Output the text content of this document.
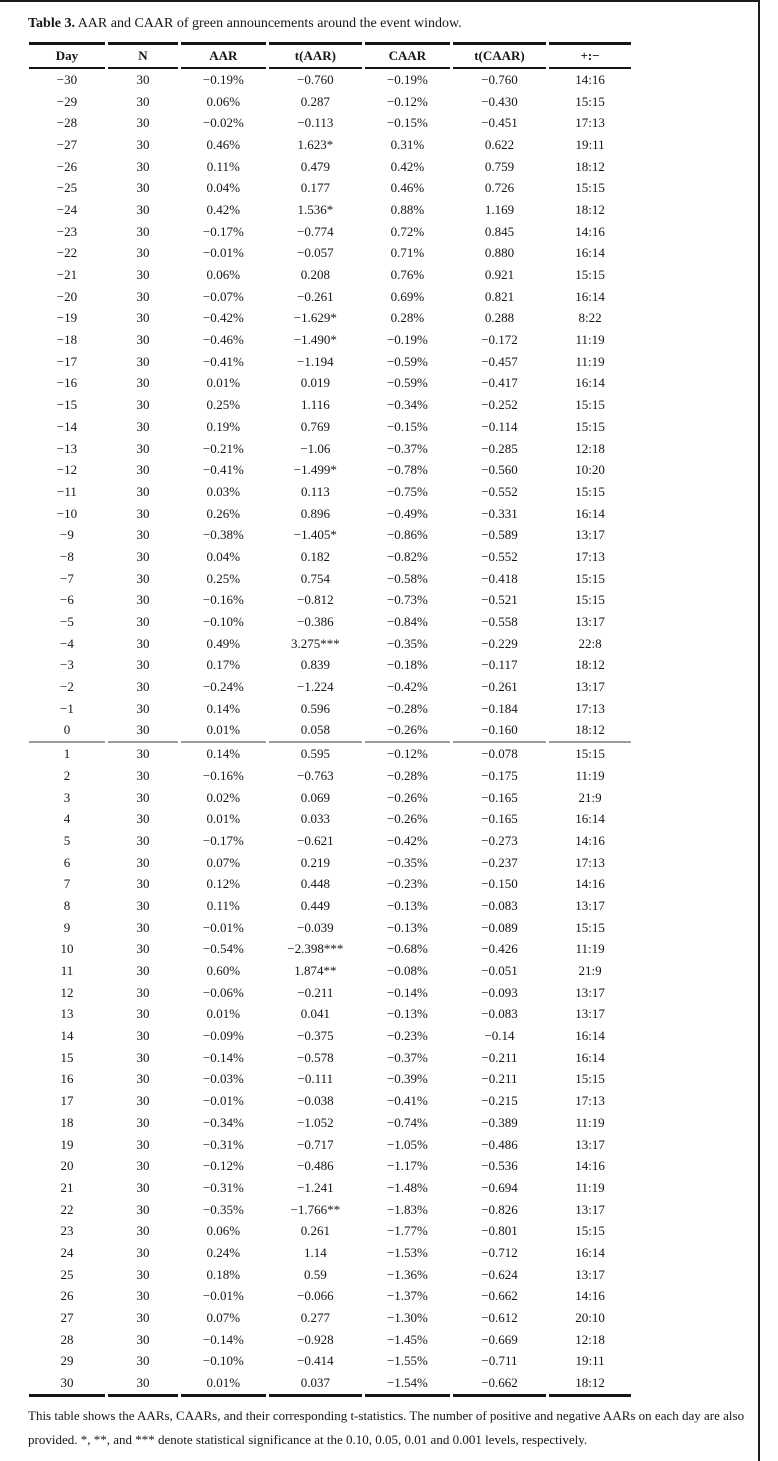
Table 3. AAR and CAAR of green announcements around the event window.

Day	N	AAR	t(AAR)	CAAR	t(CAAR)	+:−
−30	30	−0.19%	−0.760	−0.19%	−0.760	14:16
−29	30	0.06%	0.287	−0.12%	−0.430	15:15
−28	30	−0.02%	−0.113	−0.15%	−0.451	17:13
−27	30	0.46%	1.623*	0.31%	0.622	19:11
−26	30	0.11%	0.479	0.42%	0.759	18:12
−25	30	0.04%	0.177	0.46%	0.726	15:15
−24	30	0.42%	1.536*	0.88%	1.169	18:12
−23	30	−0.17%	−0.774	0.72%	0.845	14:16
−22	30	−0.01%	−0.057	0.71%	0.880	16:14
−21	30	0.06%	0.208	0.76%	0.921	15:15
−20	30	−0.07%	−0.261	0.69%	0.821	16:14
−19	30	−0.42%	−1.629*	0.28%	0.288	8:22
−18	30	−0.46%	−1.490*	−0.19%	−0.172	11:19
−17	30	−0.41%	−1.194	−0.59%	−0.457	11:19
−16	30	0.01%	0.019	−0.59%	−0.417	16:14
−15	30	0.25%	1.116	−0.34%	−0.252	15:15
−14	30	0.19%	0.769	−0.15%	−0.114	15:15
−13	30	−0.21%	−1.06	−0.37%	−0.285	12:18
−12	30	−0.41%	−1.499*	−0.78%	−0.560	10:20
−11	30	0.03%	0.113	−0.75%	−0.552	15:15
−10	30	0.26%	0.896	−0.49%	−0.331	16:14
−9	30	−0.38%	−1.405*	−0.86%	−0.589	13:17
−8	30	0.04%	0.182	−0.82%	−0.552	17:13
−7	30	0.25%	0.754	−0.58%	−0.418	15:15
−6	30	−0.16%	−0.812	−0.73%	−0.521	15:15
−5	30	−0.10%	−0.386	−0.84%	−0.558	13:17
−4	30	0.49%	3.275***	−0.35%	−0.229	22:8
−3	30	0.17%	0.839	−0.18%	−0.117	18:12
−2	30	−0.24%	−1.224	−0.42%	−0.261	13:17
−1	30	0.14%	0.596	−0.28%	−0.184	17:13
0	30	0.01%	0.058	−0.26%	−0.160	18:12
1	30	0.14%	0.595	−0.12%	−0.078	15:15
2	30	−0.16%	−0.763	−0.28%	−0.175	11:19
3	30	0.02%	0.069	−0.26%	−0.165	21:9
4	30	0.01%	0.033	−0.26%	−0.165	16:14
5	30	−0.17%	−0.621	−0.42%	−0.273	14:16
6	30	0.07%	0.219	−0.35%	−0.237	17:13
7	30	0.12%	0.448	−0.23%	−0.150	14:16
8	30	0.11%	0.449	−0.13%	−0.083	13:17
9	30	−0.01%	−0.039	−0.13%	−0.089	15:15
10	30	−0.54%	−2.398***	−0.68%	−0.426	11:19
11	30	0.60%	1.874**	−0.08%	−0.051	21:9
12	30	−0.06%	−0.211	−0.14%	−0.093	13:17
13	30	0.01%	0.041	−0.13%	−0.083	13:17
14	30	−0.09%	−0.375	−0.23%	−0.14	16:14
15	30	−0.14%	−0.578	−0.37%	−0.211	16:14
16	30	−0.03%	−0.111	−0.39%	−0.211	15:15
17	30	−0.01%	−0.038	−0.41%	−0.215	17:13
18	30	−0.34%	−1.052	−0.74%	−0.389	11:19
19	30	−0.31%	−0.717	−1.05%	−0.486	13:17
20	30	−0.12%	−0.486	−1.17%	−0.536	14:16
21	30	−0.31%	−1.241	−1.48%	−0.694	11:19
22	30	−0.35%	−1.766**	−1.83%	−0.826	13:17
23	30	0.06%	0.261	−1.77%	−0.801	15:15
24	30	0.24%	1.14	−1.53%	−0.712	16:14
25	30	0.18%	0.59	−1.36%	−0.624	13:17
26	30	−0.01%	−0.066	−1.37%	−0.662	14:16
27	30	0.07%	0.277	−1.30%	−0.612	20:10
28	30	−0.14%	−0.928	−1.45%	−0.669	12:18
29	30	−0.10%	−0.414	−1.55%	−0.711	19:11
30	30	0.01%	0.037	−1.54%	−0.662	18:12

This table shows the AARs, CAARs, and their corresponding t-statistics. The number of positive and negative AARs on each day are also provided. *, **, and *** denote statistical significance at the 0.10, 0.05, 0.01 and 0.001 levels, respectively.
